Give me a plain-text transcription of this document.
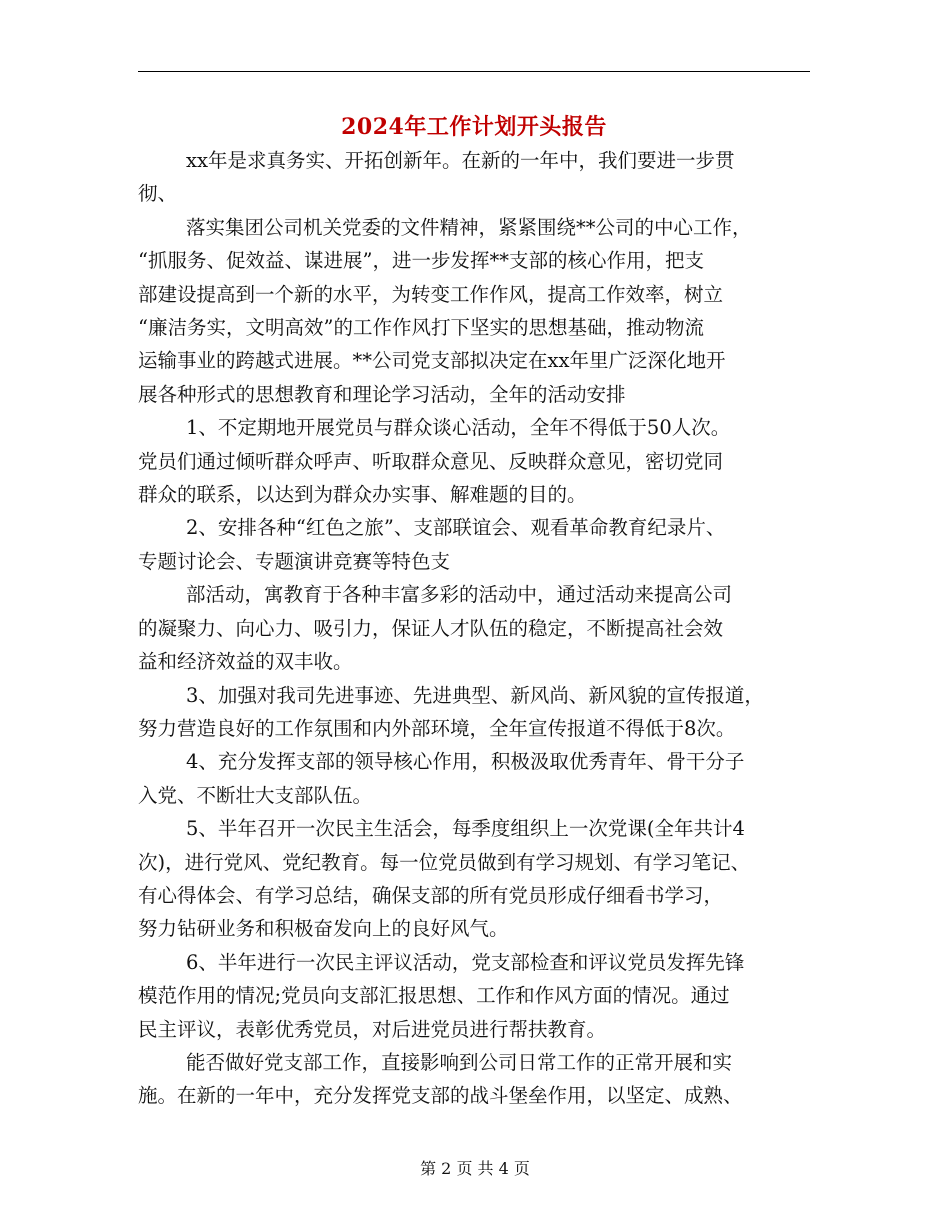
2024年工作计划开头报告

xx年是求真务实、开拓创新年。在新的一年中，我们要进一步贯

彻、

落实集团公司机关党委的文件精神，紧紧围绕**公司的中心工作，

“抓服务、促效益、谋进展”，进一步发挥**支部的核心作用，把支

部建设提高到一个新的水平，为转变工作作风，提高工作效率，树立

“廉洁务实，文明高效”的工作作风打下坚实的思想基础，推动物流

运输事业的跨越式进展。**公司党支部拟决定在xx年里广泛深化地开

展各种形式的思想教育和理论学习活动，全年的活动安排

1、不定期地开展党员与群众谈心活动，全年不得低于50人次。

党员们通过倾听群众呼声、听取群众意见、反映群众意见，密切党同

群众的联系，以达到为群众办实事、解难题的目的。

2、安排各种“红色之旅”、支部联谊会、观看革命教育纪录片、

专题讨论会、专题演讲竞赛等特色支

部活动，寓教育于各种丰富多彩的活动中，通过活动来提高公司

的凝聚力、向心力、吸引力，保证人才队伍的稳定，不断提高社会效

益和经济效益的双丰收。

3、加强对我司先进事迹、先进典型、新风尚、新风貌的宣传报道，

努力营造良好的工作氛围和内外部环境，全年宣传报道不得低于8次。

4、充分发挥支部的领导核心作用，积极汲取优秀青年、骨干分子

入党、不断壮大支部队伍。

5、半年召开一次民主生活会，每季度组织上一次党课(全年共计4

次)，进行党风、党纪教育。每一位党员做到有学习规划、有学习笔记、

有心得体会、有学习总结，确保支部的所有党员形成仔细看书学习，

努力钻研业务和积极奋发向上的良好风气。

6、半年进行一次民主评议活动，党支部检查和评议党员发挥先锋

模范作用的情况;党员向支部汇报思想、工作和作风方面的情况。通过

民主评议，表彰优秀党员，对后进党员进行帮扶教育。

能否做好党支部工作，直接影响到公司日常工作的正常开展和实

施。在新的一年中，充分发挥党支部的战斗堡垒作用，以坚定、成熟、

第 2 页 共 4 页
